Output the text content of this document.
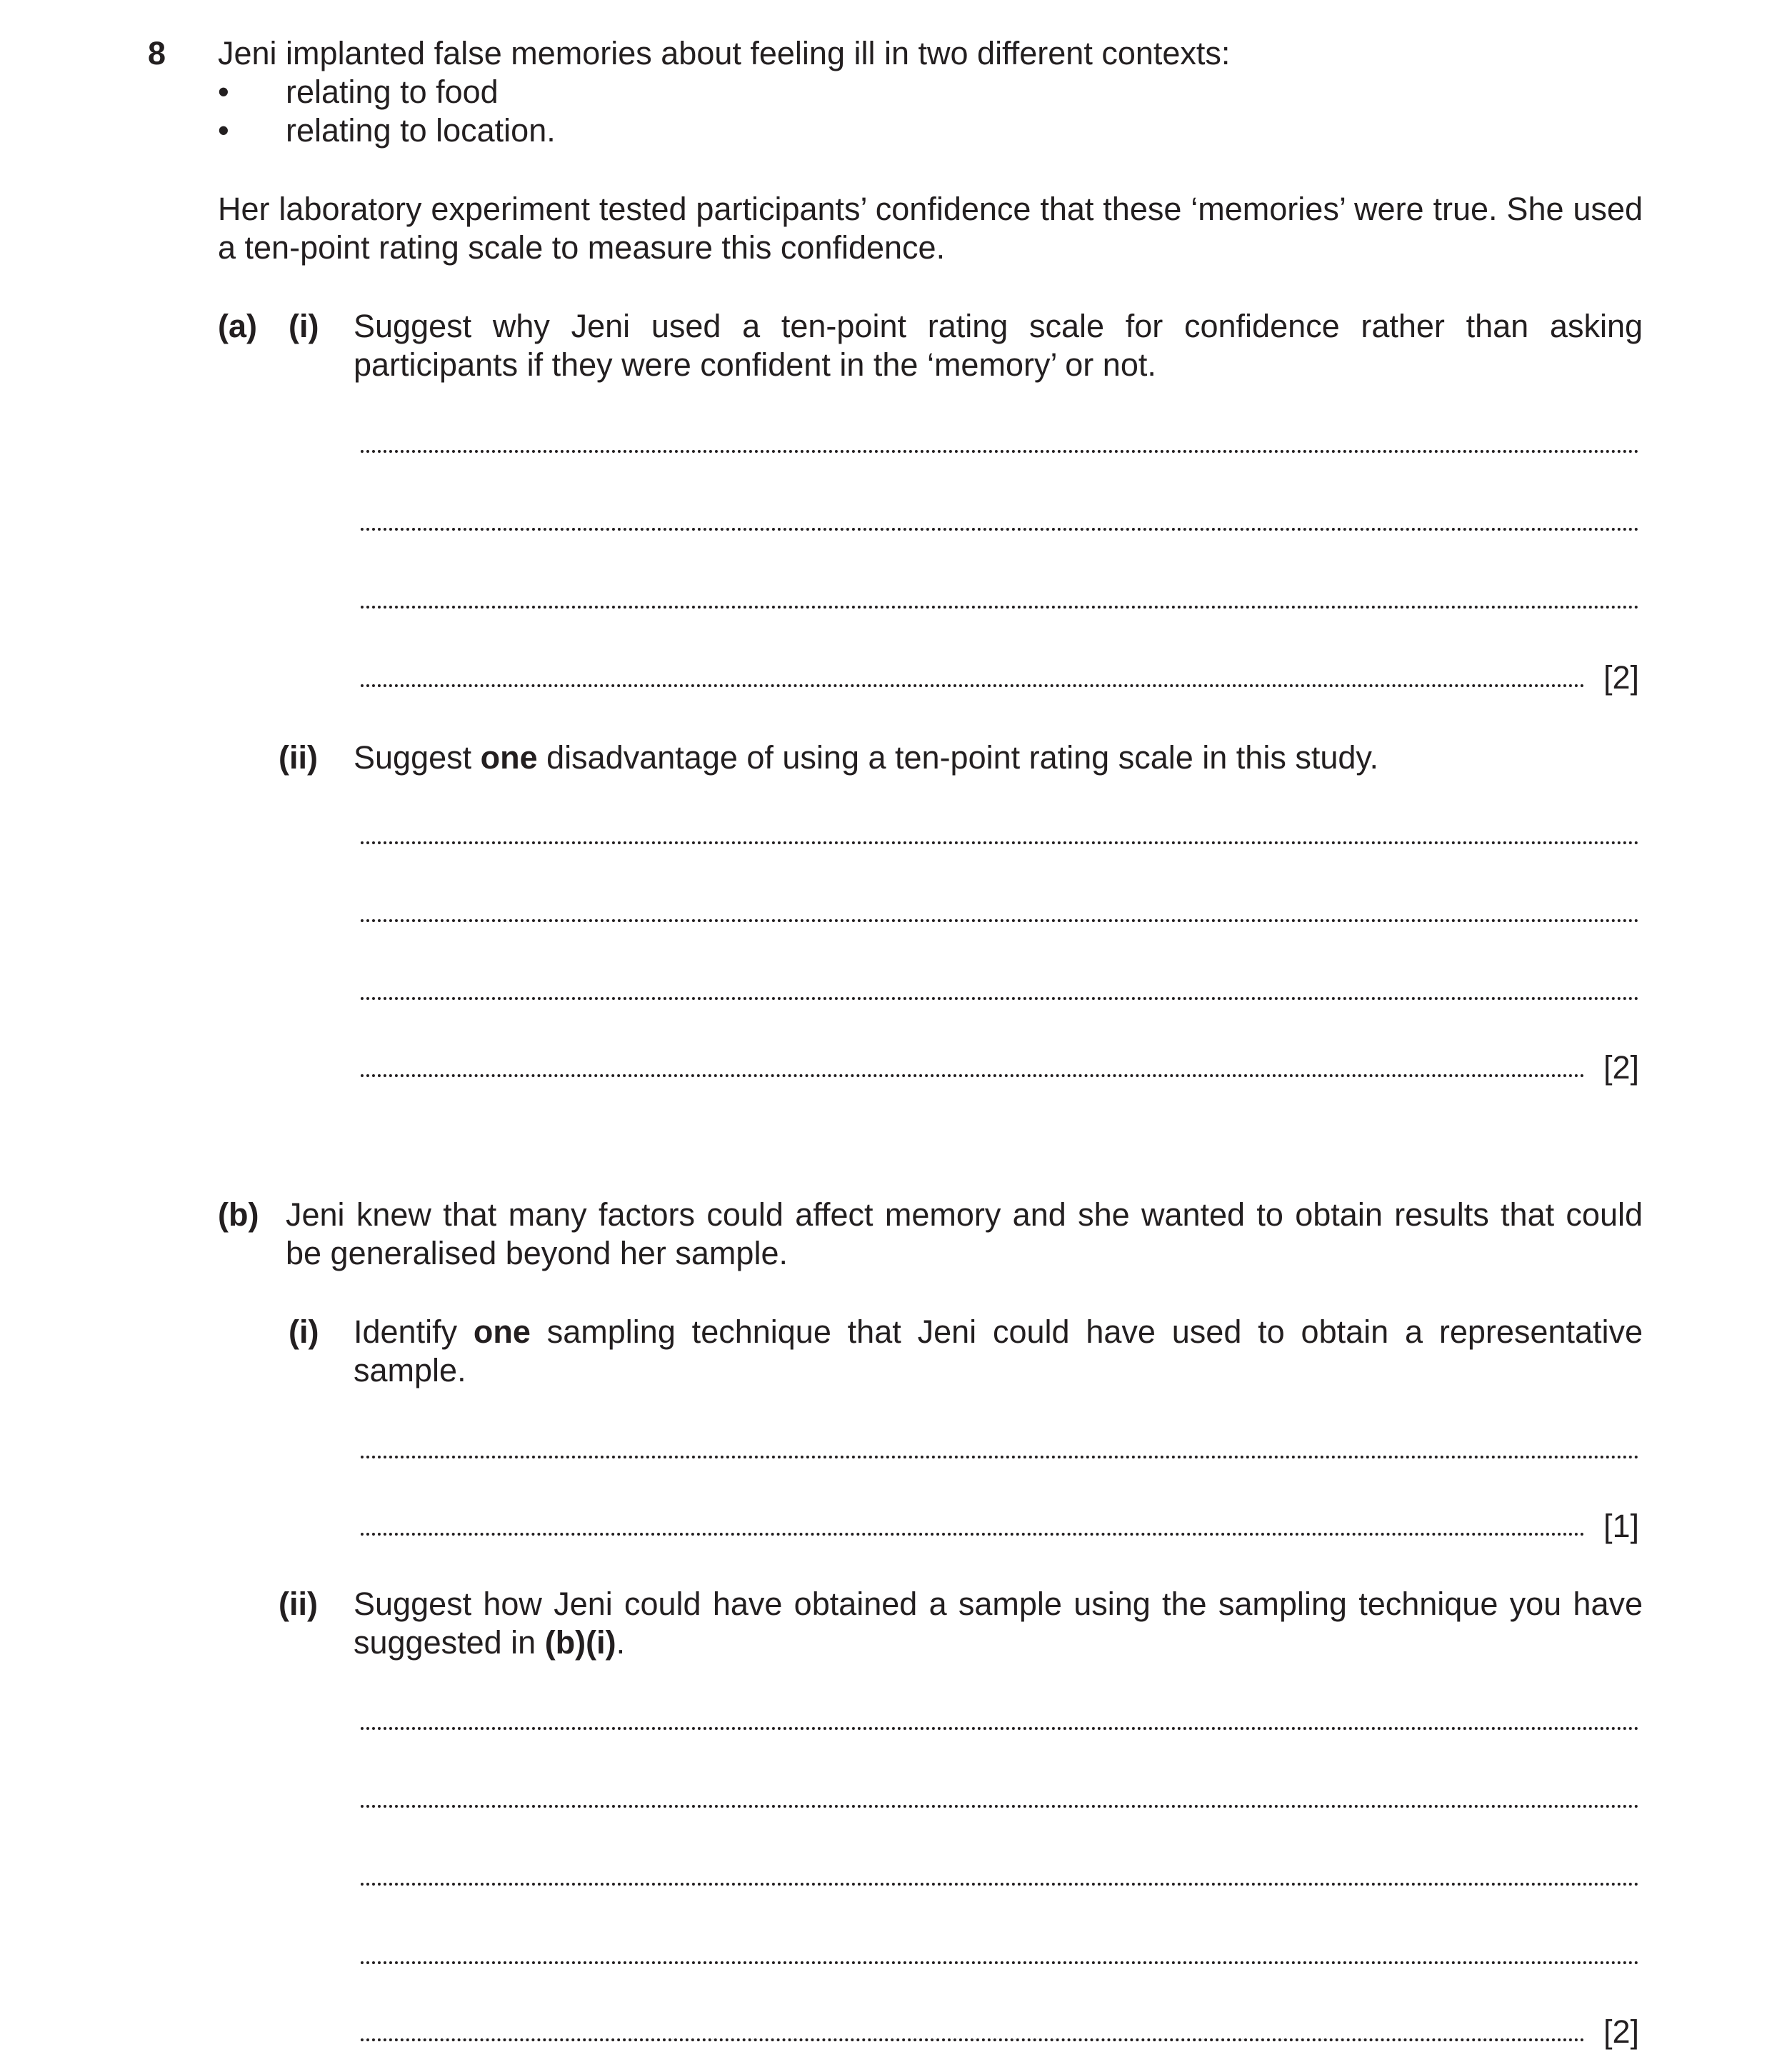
8 Jeni implanted false memories about feeling ill in two different contexts:
• relating to food
• relating to location.
Her laboratory experiment tested participants’ confidence that these ‘memories’ were true. She used a ten-point rating scale to measure this confidence.
(a) (i) Suggest why Jeni used a ten-point rating scale for confidence rather than asking participants if they were confident in the ‘memory’ or not.
[2]
(ii) Suggest one disadvantage of using a ten-point rating scale in this study.
[2]
(b) Jeni knew that many factors could affect memory and she wanted to obtain results that could be generalised beyond her sample.
(i) Identify one sampling technique that Jeni could have used to obtain a representative sample.
[1]
(ii) Suggest how Jeni could have obtained a sample using the sampling technique you have suggested in (b)(i).
[2]
